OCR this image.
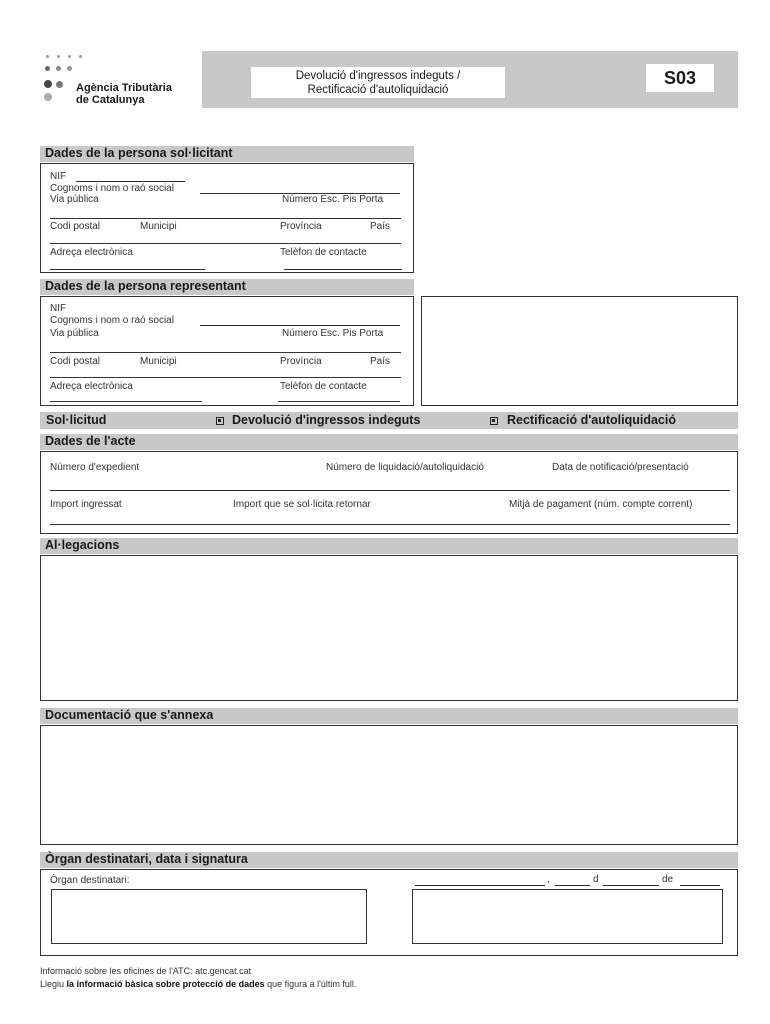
Agència Tributària
de Catalunya
Devolució d'ingressos indeguts /
Rectificació d'autoliquidació
S03
Dades de la persona sol·licitant
NIF
Cognoms i nom o raó social
Via pública	Número Esc. Pis Porta
Codi postal	Municipi	Província	País
Adreça electrònica	Telèfon de contacte
Dades de la persona representant
NIF
Cognoms i nom o raó social
Via pública	Número Esc. Pis Porta
Codi postal	Municipi	Província	País
Adreça electrònica	Telèfon de contacte
Sol·licitud	Devolució d'ingressos indeguts	Rectificació d'autoliquidació
Dades de l'acte
Número d'expedient	Número de liquidació/autoliquidació	Data de notificació/presentació
Import ingressat	Import que se sol·licita retornar	Mitjà de pagament (núm. compte corrent)
Al·legacions
Documentació que s'annexa
Òrgan destinatari, data i signatura
Òrgan destinatari:	,	d	de
Informació sobre les oficines de l'ATC: atc.gencat.cat
Llegiu la informació bàsica sobre protecció de dades que figura a l'últim full.
